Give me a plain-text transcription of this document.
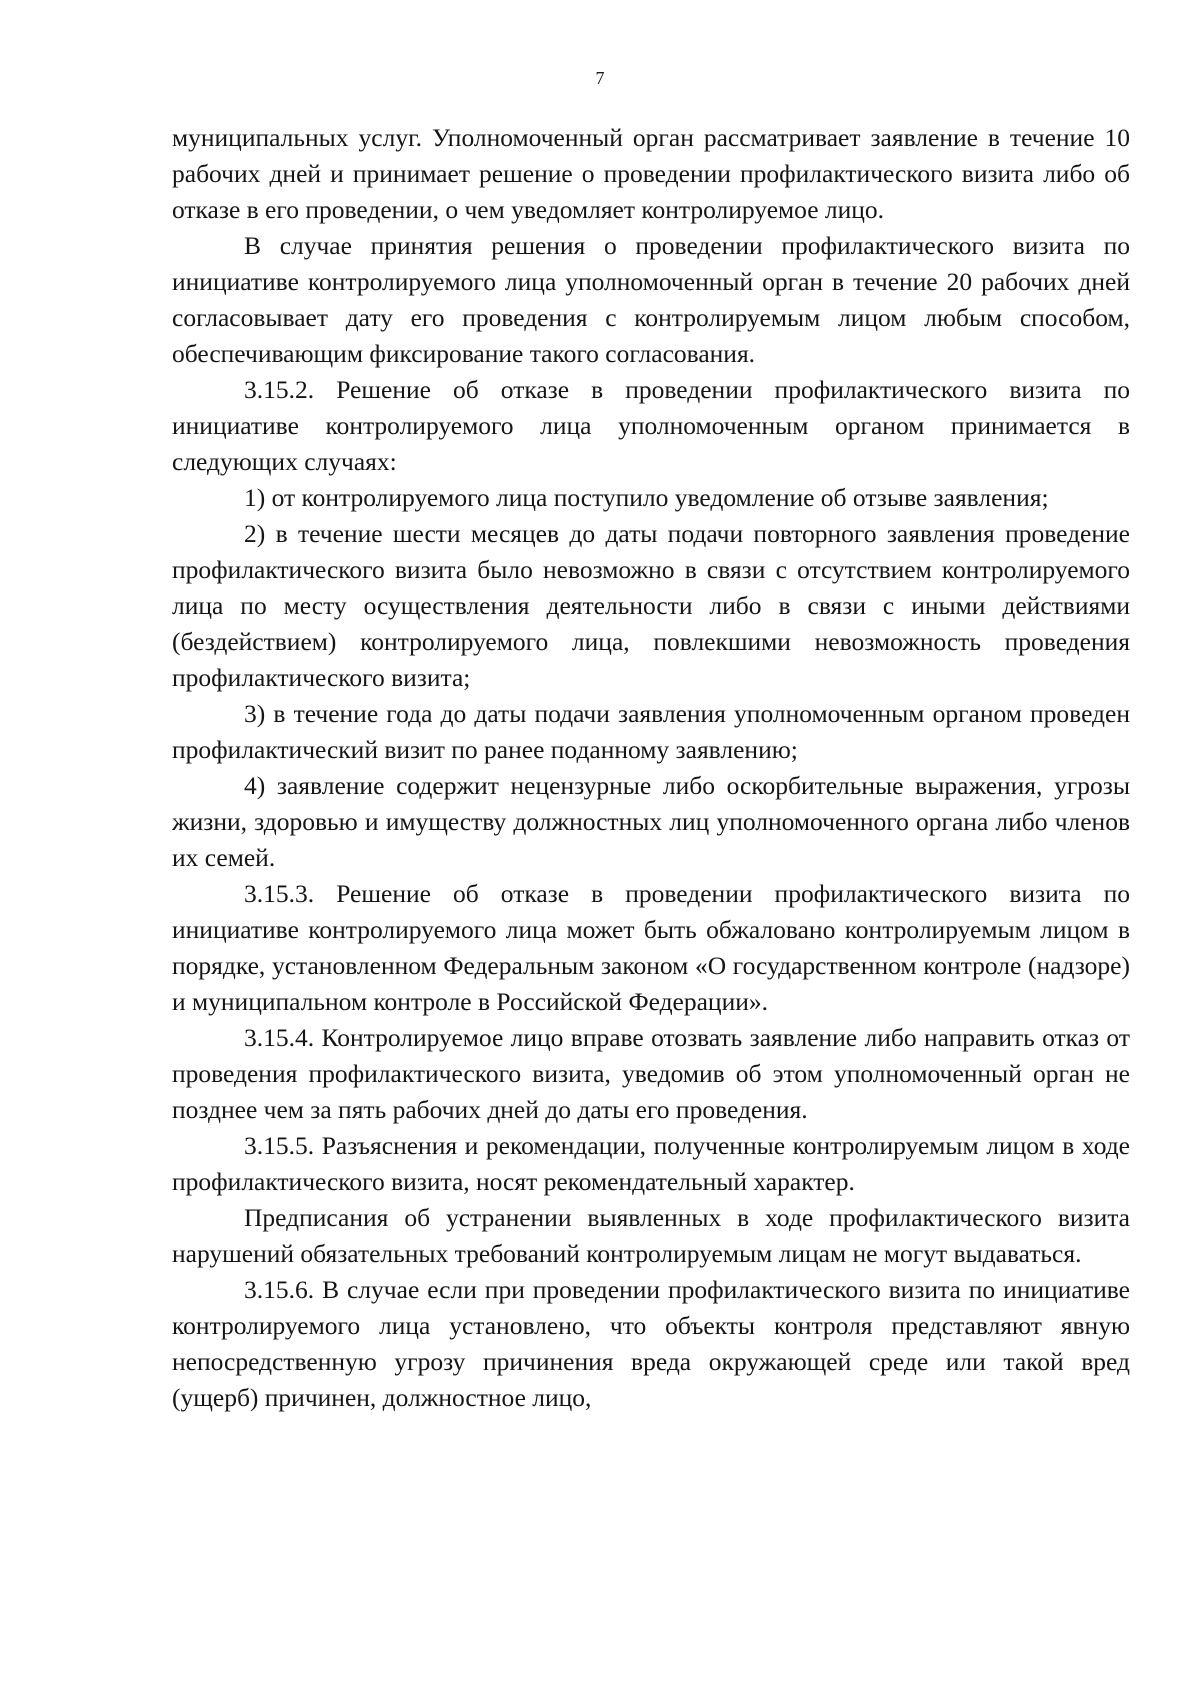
7

муниципальных услуг. Уполномоченный орган рассматривает заявление в течение 10 рабочих дней и принимает решение о проведении профилактического визита либо об отказе в его проведении, о чем уведомляет контролируемое лицо.

В случае принятия решения о проведении профилактического визита по инициативе контролируемого лица уполномоченный орган в течение 20 рабочих дней согласовывает дату его проведения с контролируемым лицом любым способом, обеспечивающим фиксирование такого согласования.

3.15.2. Решение об отказе в проведении профилактического визита по инициативе контролируемого лица уполномоченным органом принимается в следующих случаях:

1) от контролируемого лица поступило уведомление об отзыве заявления;

2) в течение шести месяцев до даты подачи повторного заявления проведение профилактического визита было невозможно в связи с отсутствием контролируемого лица по месту осуществления деятельности либо в связи с иными действиями (бездействием) контролируемого лица, повлекшими невозможность проведения профилактического визита;

3) в течение года до даты подачи заявления уполномоченным органом проведен профилактический визит по ранее поданному заявлению;

4) заявление содержит нецензурные либо оскорбительные выражения, угрозы жизни, здоровью и имуществу должностных лиц уполномоченного органа либо членов их семей.

3.15.3. Решение об отказе в проведении профилактического визита по инициативе контролируемого лица может быть обжаловано контролируемым лицом в порядке, установленном Федеральным законом «О государственном контроле (надзоре) и муниципальном контроле в Российской Федерации».

3.15.4. Контролируемое лицо вправе отозвать заявление либо направить отказ от проведения профилактического визита, уведомив об этом уполномоченный орган не позднее чем за пять рабочих дней до даты его проведения.

3.15.5. Разъяснения и рекомендации, полученные контролируемым лицом в ходе профилактического визита, носят рекомендательный характер.

Предписания об устранении выявленных в ходе профилактического визита нарушений обязательных требований контролируемым лицам не могут выдаваться.

3.15.6. В случае если при проведении профилактического визита по инициативе контролируемого лица установлено, что объекты контроля представляют явную непосредственную угрозу причинения вреда окружающей среде или такой вред (ущерб) причинен, должностное лицо,
